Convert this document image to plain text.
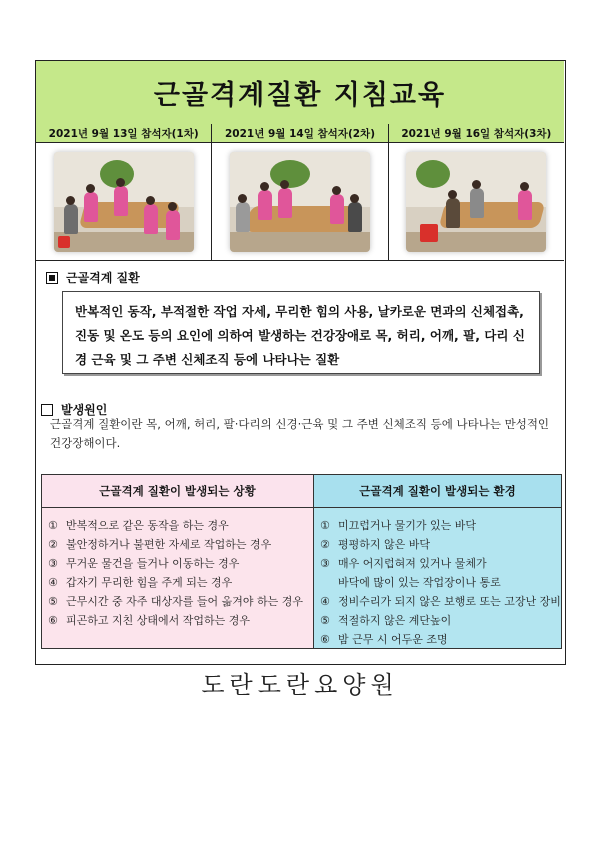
근골격계질환 지침교육
2021년 9월 13일 참석자(1차)	2021년 9월 14일 참석자(2차)	2021년 9월 16일 참석자(3차)
근골격계 질환
반복적인 동작, 부적절한 작업 자세, 무리한 힘의 사용, 날카로운 면과의 신체접촉, 진동 및 온도 등의 요인에 의하여 발생하는 건강장애로 목, 허리, 어깨, 팔, 다리 신경 근육 및 그 주변 신체조직 등에 나타나는 질환
발생원인
근골격계 질환이란 목, 어깨, 허리, 팔·다리의 신경·근육 및 그 주변 신체조직 등에 나타나는 만성적인 건강장해이다.
근골격계 질환이 발생되는 상황
① 반복적으로 같은 동작을 하는 경우
② 불안정하거나 불편한 자세로 작업하는 경우
③ 무거운 물건을 들거나 이동하는 경우
④ 갑자기 무리한 힘을 주게 되는 경우
⑤ 근무시간 중 자주 대상자를 들어 옮겨야 하는 경우
⑥ 피곤하고 지친 상태에서 작업하는 경우
근골격계 질환이 발생되는 환경
① 미끄럽거나 물기가 있는 바닥
② 평평하지 않은 바닥
③ 매우 어지럽혀져 있거나 물체가
바닥에 많이 있는 작업장이나 통로
④ 정비수리가 되지 않은 보행로 또는 고장난 장비
⑤ 적절하지 않은 계단높이
⑥ 밤 근무 시 어두운 조명
도란도란요양원
